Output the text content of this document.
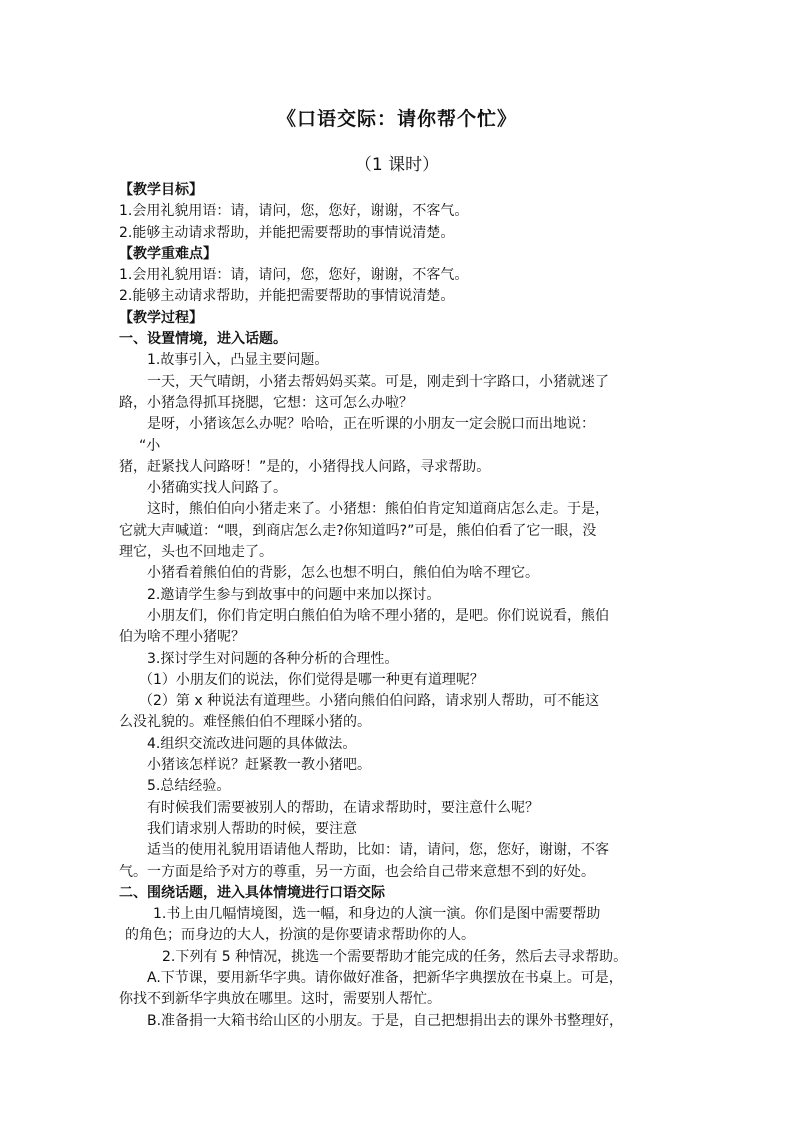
《口语交际：请你帮个忙》
（1 课时）
【教学目标】
1.会用礼貌用语：请，请问，您，您好，谢谢，不客气。
2.能够主动请求帮助，并能把需要帮助的事情说清楚。
【教学重难点】
1.会用礼貌用语：请，请问，您，您好，谢谢，不客气。
2.能够主动请求帮助，并能把需要帮助的事情说清楚。
【教学过程】
一、设置情境，进入话题。
1.故事引入，凸显主要问题。
一天，天气晴朗，小猪去帮妈妈买菜。可是，刚走到十字路口，小猪就迷了
路，小猪急得抓耳挠腮，它想：这可怎么办啦？
是呀，小猪该怎么办呢？哈哈，正在听课的小朋友一定会脱口而出地说：
“小
猪，赶紧找人问路呀！”是的，小猪得找人问路，寻求帮助。
小猪确实找人问路了。
这时，熊伯伯向小猪走来了。小猪想：熊伯伯肯定知道商店怎么走。于是，
它就大声喊道：“喂，到商店怎么走?你知道吗?”可是，熊伯伯看了它一眼，没
理它，头也不回地走了。
小猪看着熊伯伯的背影，怎么也想不明白，熊伯伯为啥不理它。
2.邀请学生参与到故事中的问题中来加以探讨。
小朋友们，你们肯定明白熊伯伯为啥不理小猪的，是吧。你们说说看，熊伯
伯为啥不理小猪呢？
3.探讨学生对问题的各种分析的合理性。
（1）小朋友们的说法，你们觉得是哪一种更有道理呢？
（2）第 x 种说法有道理些。小猪向熊伯伯问路，请求别人帮助，可不能这
么没礼貌的。难怪熊伯伯不理睬小猪的。
4.组织交流改进问题的具体做法。
小猪该怎样说？赶紧教一教小猪吧。
5.总结经验。
有时候我们需要被别人的帮助，在请求帮助时，要注意什么呢？
我们请求别人帮助的时候，要注意
适当的使用礼貌用语请他人帮助，比如：请，请问，您，您好，谢谢，不客
气。一方面是给予对方的尊重，另一方面，也会给自己带来意想不到的好处。
二、围绕话题，进入具体情境进行口语交际
1.书上由几幅情境图，选一幅，和身边的人演一演。你们是图中需要帮助
的角色；而身边的大人，扮演的是你要请求帮助你的人。
2.下列有 5 种情况，挑选一个需要帮助才能完成的任务，然后去寻求帮助。
A.下节课，要用新华字典。请你做好准备，把新华字典摆放在书桌上。可是，
你找不到新华字典放在哪里。这时，需要别人帮忙。
B.准备捐一大箱书给山区的小朋友。于是，自己把想捐出去的课外书整理好，
